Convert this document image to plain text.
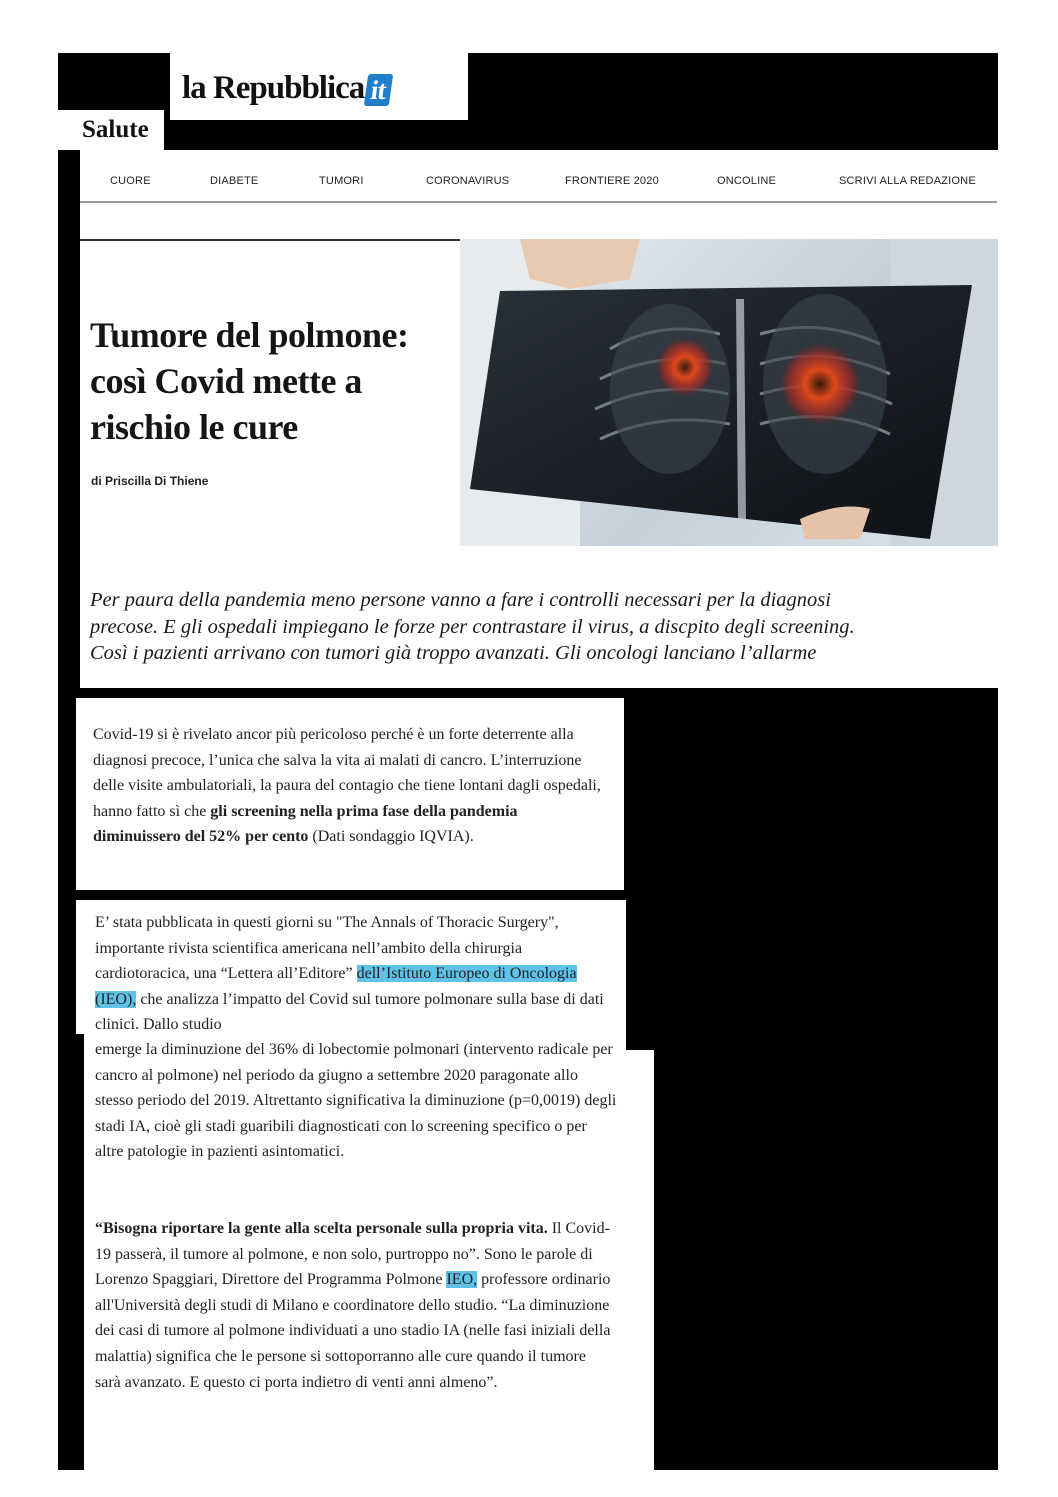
la Repubblica it
Salute
CUORE	DIABETE	TUMORI	CORONAVIRUS	FRONTIERE 2020	ONCOLINE	SCRIVI ALLA REDAZIONE
Tumore del polmone:
così Covid mette a
rischio le cure
di Priscilla Di Thiene
Per paura della pandemia meno persone vanno a fare i controlli necessari per la diagnosi
precose. E gli ospedali impiegano le forze per contrastare il virus, a discpito degli screening.
Così i pazienti arrivano con tumori già troppo avanzati. Gli oncologi lanciano l’allarme

Covid-19 si è rivelato ancor più pericoloso perché è un forte deterrente alla diagnosi precoce, l’unica che salva la vita ai malati di cancro. L’interruzione delle visite ambulatoriali, la paura del contagio che tiene lontani dagli ospedali, hanno fatto sì che gli screening nella prima fase della pandemia diminuissero del 52% per cento (Dati sondaggio IQVIA).

E’ stata pubblicata in questi giorni su "The Annals of Thoracic Surgery", importante rivista scientifica americana nell’ambito della chirurgia cardiotoracica, una “Lettera all’Editore” dell’Istituto Europeo di Oncologia (IEO), che analizza l’impatto del Covid sul tumore polmonare sulla base di dati clinici. Dallo studio

emerge la diminuzione del 36% di lobectomie polmonari (intervento radicale per cancro al polmone) nel periodo da giugno a settembre 2020 paragonate allo stesso periodo del 2019. Altrettanto significativa la diminuzione (p=0,0019) degli stadi IA, cioè gli stadi guaribili diagnosticati con lo screening specifico o per altre patologie in pazienti asintomatici.

“Bisogna riportare la gente alla scelta personale sulla propria vita. Il Covid-19 passerà, il tumore al polmone, e non solo, purtroppo no”. Sono le parole di Lorenzo Spaggiari, Direttore del Programma Polmone IEO, professore ordinario all'Università degli studi di Milano e coordinatore dello studio. “La diminuzione dei casi di tumore al polmone individuati a uno stadio IA (nelle fasi iniziali della malattia) significa che le persone si sottoporranno alle cure quando il tumore sarà avanzato. E questo ci porta indietro di venti anni almeno”.
